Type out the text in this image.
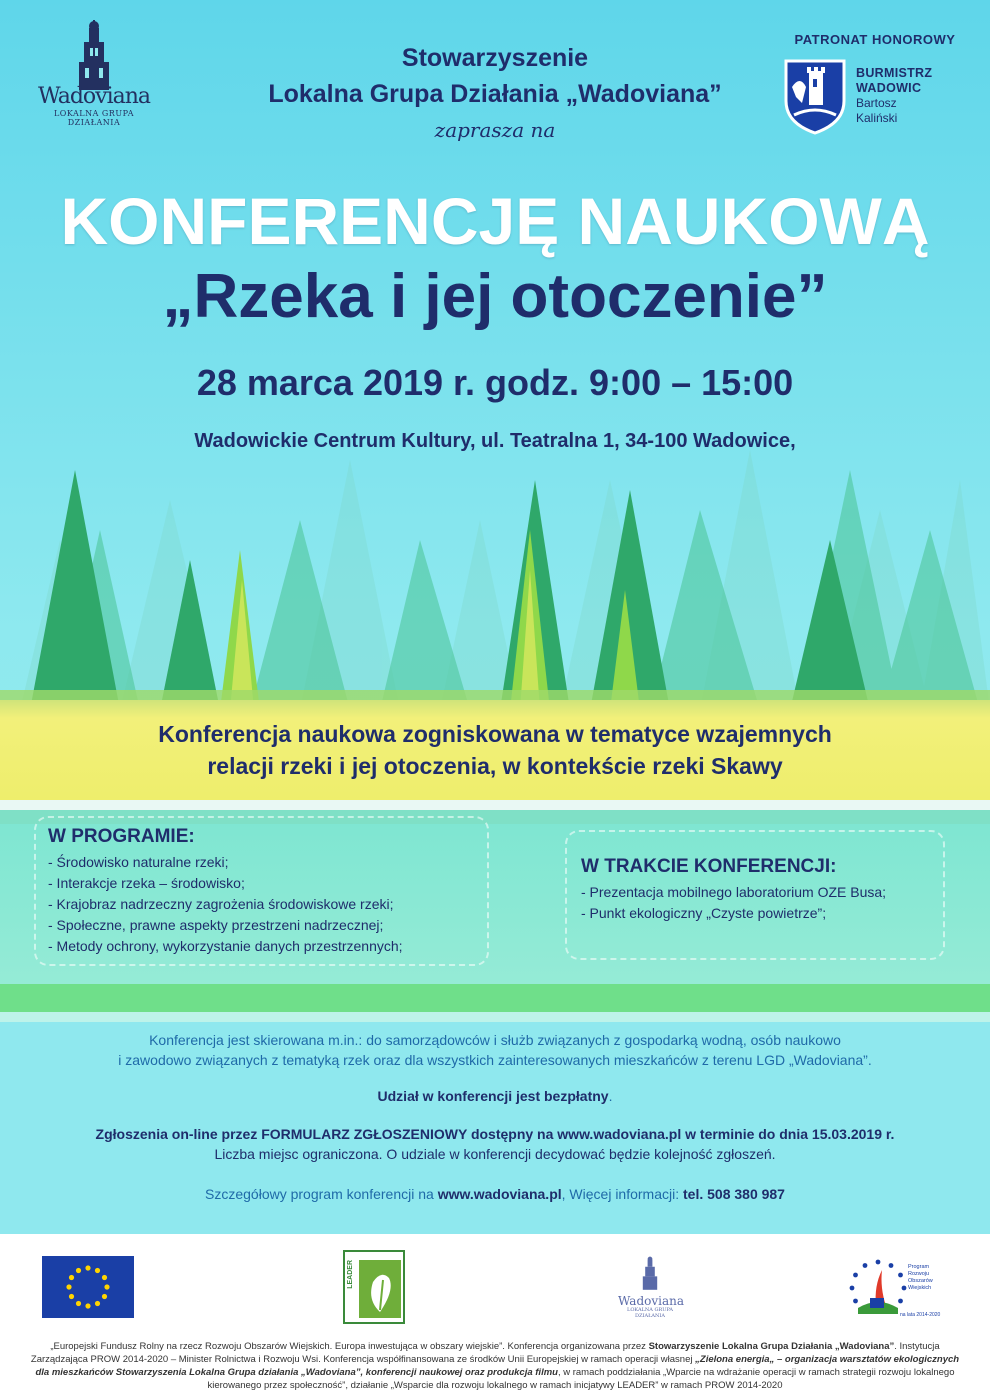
Wadoviana
LOKALNA GRUPA DZIAŁANIA
Stowarzyszenie
Lokalna Grupa Działania „Wadoviana”
zaprasza na
PATRONAT HONOROWY
BURMISTRZ
WADOWIC
Bartosz
Kaliński
KONFERENCJĘ NAUKOWĄ
„Rzeka i jej otoczenie”
28 marca 2019 r. godz. 9:00 – 15:00
Wadowickie Centrum Kultury, ul. Teatralna 1, 34-100 Wadowice,
Konferencja naukowa zogniskowana w tematyce wzajemnych
relacji rzeki i jej otoczenia, w kontekście rzeki Skawy
W PROGRAMIE:
- Środowisko naturalne rzeki;
- Interakcje rzeka – środowisko;
- Krajobraz nadrzeczny zagrożenia środowiskowe rzeki;
- Społeczne, prawne aspekty przestrzeni nadrzecznej;
- Metody ochrony, wykorzystanie danych przestrzennych;
W TRAKCIE KONFERENCJI:
- Prezentacja mobilnego laboratorium OZE Busa;
- Punkt ekologiczny „Czyste powietrze”;
Konferencja jest skierowana m.in.: do samorządowców i służb związanych z gospodarką wodną, osób naukowo
i zawodowo związanych z tematyką rzek oraz dla wszystkich zainteresowanych mieszkańców z terenu LGD „Wadoviana”.
Udział w konferencji jest bezpłatny.
Zgłoszenia on-line przez FORMULARZ ZGŁOSZENIOWY dostępny na www.wadoviana.pl w terminie do dnia 15.03.2019 r.
Liczba miejsc ograniczona. O udziale w konferencji decydować będzie kolejność zgłoszeń.
Szczegółowy program konferencji na www.wadoviana.pl, Więcej informacji: tel. 508 380 987
LEADER
Wadoviana
LOKALNA GRUPA DZIAŁANIA
Program
Rozwoju
Obszarów
Wiejskich
na lata 2014-2020
„Europejski Fundusz Rolny na rzecz Rozwoju Obszarów Wiejskich. Europa inwestująca w obszary wiejskie”. Konferencja organizowana przez Stowarzyszenie Lokalna Grupa Działania „Wadoviana”. Instytucja Zarządzająca PROW 2014-2020 – Minister Rolnictwa i Rozwoju Wsi. Konferencja współfinansowana ze środków Unii Europejskiej w ramach operacji własnej „Zielona energia„ – organizacja warsztatów ekologicznych dla mieszkańców Stowarzyszenia Lokalna Grupa działania „Wadoviana”, konferencji naukowej oraz produkcja filmu, w ramach poddziałania „Wparcie na wdrażanie operacji w ramach strategii rozwoju lokalnego kierowanego przez społeczność”, działanie „Wsparcie dla rozwoju lokalnego w ramach inicjatywy LEADER” w ramach PROW 2014-2020
